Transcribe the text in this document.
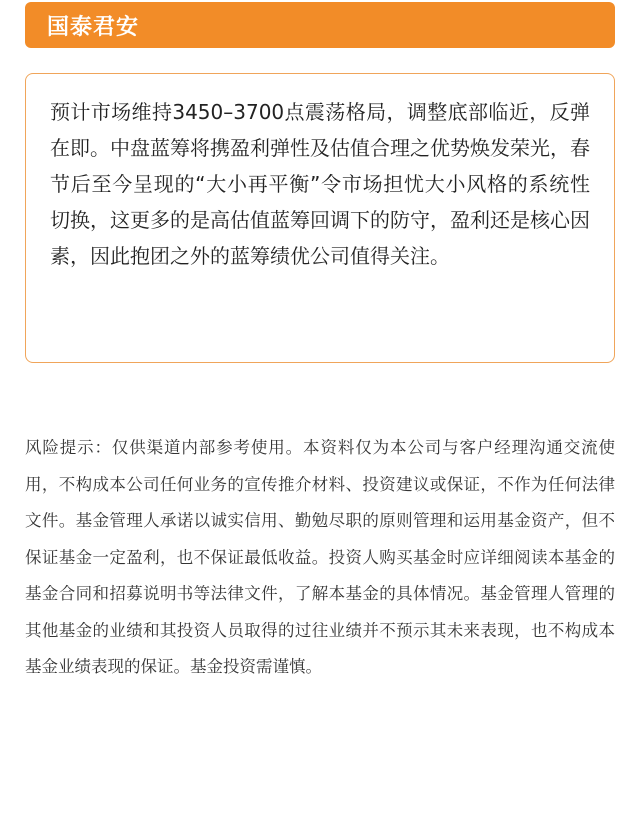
国泰君安

预计市场维持3450–3700点震荡格局，调整底部临近，反弹在即。中盘蓝筹将携盈利弹性及估值合理之优势焕发荣光，春节后至今呈现的“大小再平衡”令市场担忧大小风格的系统性切换，这更多的是高估值蓝筹回调下的防守，盈利还是核心因素，因此抱团之外的蓝筹绩优公司值得关注。

风险提示：仅供渠道内部参考使用。本资料仅为本公司与客户经理沟通交流使用，不构成本公司任何业务的宣传推介材料、投资建议或保证，不作为任何法律文件。基金管理人承诺以诚实信用、勤勉尽职的原则管理和运用基金资产，但不保证基金一定盈利，也不保证最低收益。投资人购买基金时应详细阅读本基金的基金合同和招募说明书等法律文件，了解本基金的具体情况。基金管理人管理的其他基金的业绩和其投资人员取得的过往业绩并不预示其未来表现，也不构成本基金业绩表现的保证。基金投资需谨慎。
